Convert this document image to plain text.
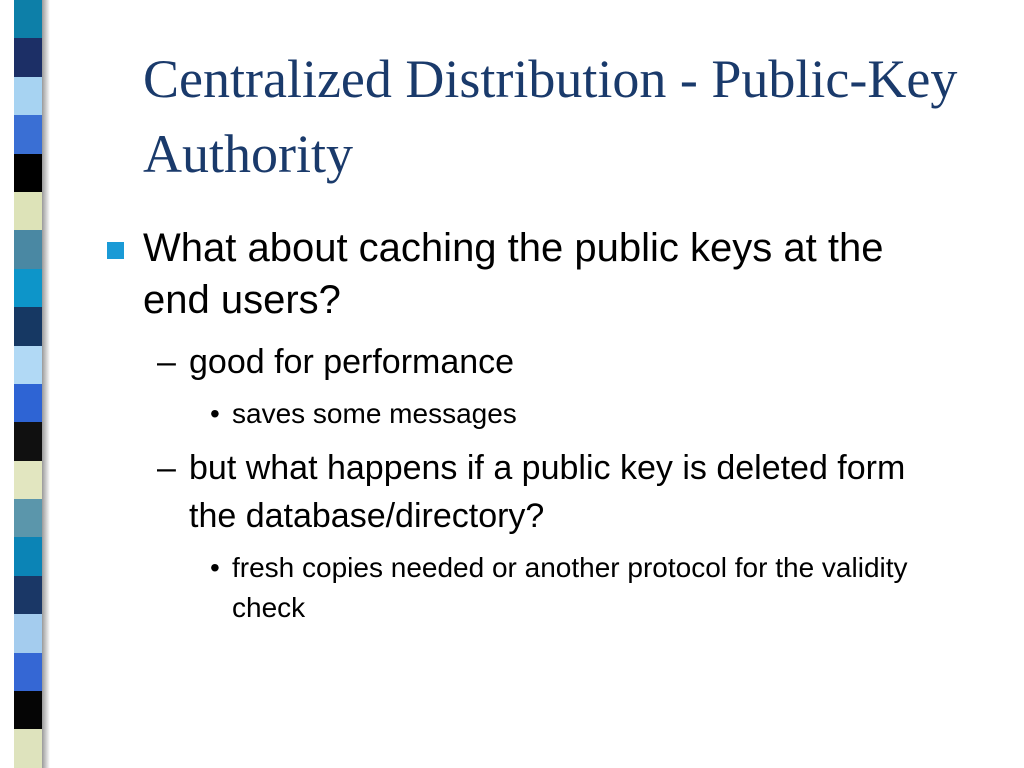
Centralized Distribution - Public-Key Authority
What about caching the public keys at the end users?
– good for performance
• saves some messages
– but what happens if a public key is deleted form the database/directory?
• fresh copies needed or another protocol for the validity check
